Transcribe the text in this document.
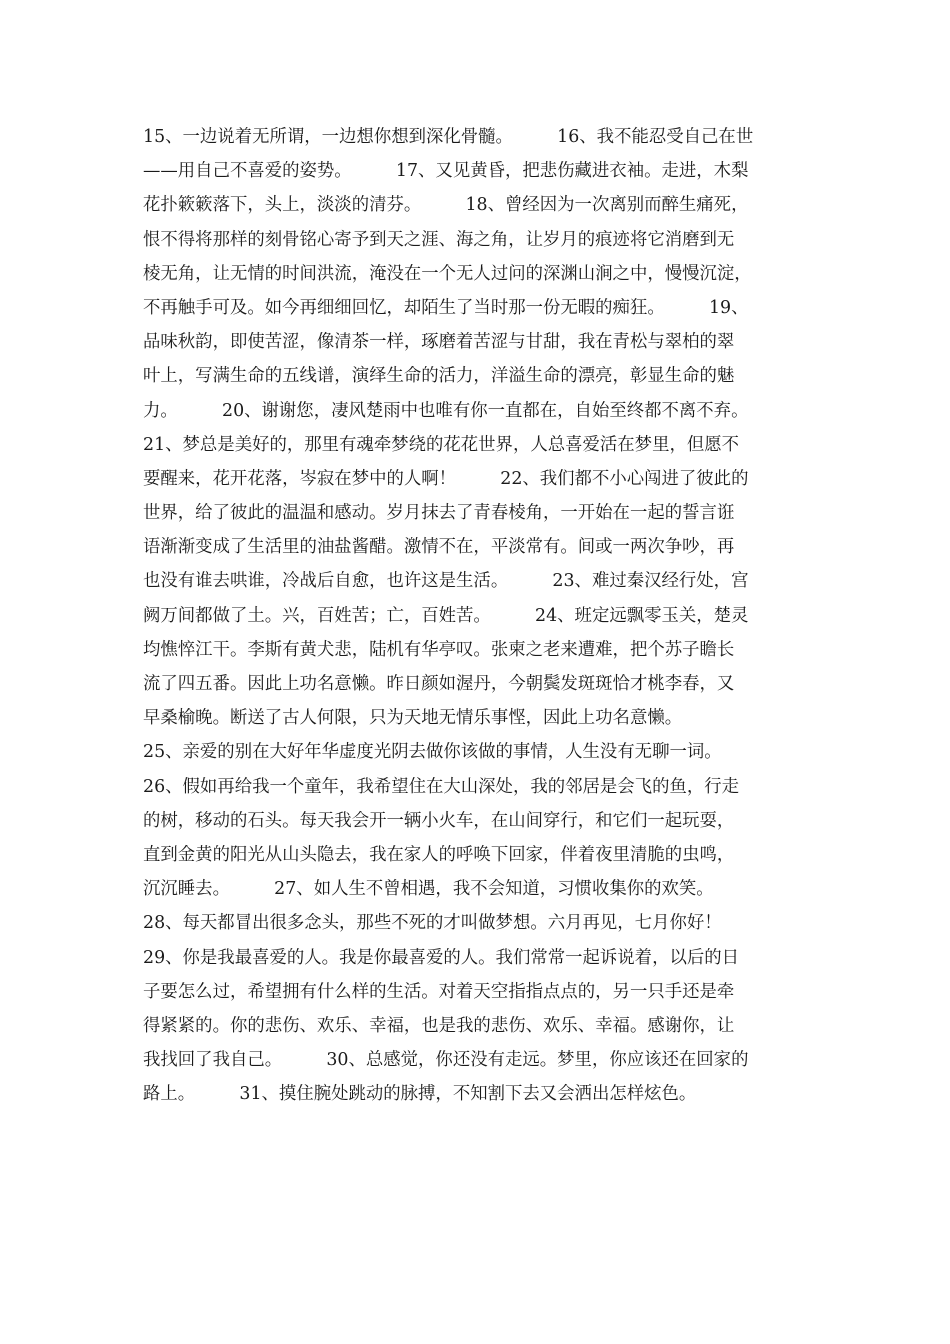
15、一边说着无所谓，一边想你想到深化骨髓。        16、我不能忍受自己在世
——用自己不喜爱的姿势。        17、又见黄昏，把悲伤藏进衣袖。走进，木梨
花扑簌簌落下，头上，淡淡的清芬。        18、曾经因为一次离别而醉生痛死，
恨不得将那样的刻骨铭心寄予到天之涯、海之角，让岁月的痕迹将它消磨到无
棱无角，让无情的时间洪流，淹没在一个无人过问的深渊山涧之中，慢慢沉淀，
不再触手可及。如今再细细回忆，却陌生了当时那一份无暇的痴狂。        19、
品味秋韵，即使苦涩，像清茶一样，琢磨着苦涩与甘甜，我在青松与翠柏的翠
叶上，写满生命的五线谱，演绎生命的活力，洋溢生命的漂亮，彰显生命的魅
力。        20、谢谢您，凄风楚雨中也唯有你一直都在，自始至终都不离不弃。
21、梦总是美好的，那里有魂牵梦绕的花花世界，人总喜爱活在梦里，但愿不
要醒来，花开花落，岑寂在梦中的人啊！        22、我们都不小心闯进了彼此的
世界，给了彼此的温温和感动。岁月抹去了青春棱角，一开始在一起的誓言诳
语渐渐变成了生活里的油盐酱醋。激情不在，平淡常有。间或一两次争吵，再
也没有谁去哄谁，冷战后自愈，也许这是生活。        23、难过秦汉经行处，宫
阙万间都做了土。兴，百姓苦；亡，百姓苦。        24、班定远飘零玉关，楚灵
均憔悴江干。李斯有黄犬悲，陆机有华亭叹。张柬之老来遭难，把个苏子瞻长
流了四五番。因此上功名意懒。昨日颜如渥丹，今朝鬓发斑斑恰才桃李春，又
早桑榆晚。断送了古人何限，只为天地无情乐事悭，因此上功名意懒。
25、亲爱的别在大好年华虚度光阴去做你该做的事情，人生没有无聊一词。
26、假如再给我一个童年，我希望住在大山深处，我的邻居是会飞的鱼，行走
的树，移动的石头。每天我会开一辆小火车，在山间穿行，和它们一起玩耍，
直到金黄的阳光从山头隐去，我在家人的呼唤下回家，伴着夜里清脆的虫鸣，
沉沉睡去。        27、如人生不曾相遇，我不会知道，习惯收集你的欢笑。
28、每天都冒出很多念头，那些不死的才叫做梦想。六月再见，七月你好！
29、你是我最喜爱的人。我是你最喜爱的人。我们常常一起诉说着，以后的日
子要怎么过，希望拥有什么样的生活。对着天空指指点点的，另一只手还是牵
得紧紧的。你的悲伤、欢乐、幸福，也是我的悲伤、欢乐、幸福。感谢你，让
我找回了我自己。        30、总感觉，你还没有走远。梦里，你应该还在回家的
路上。        31、摸住腕处跳动的脉搏，不知割下去又会洒出怎样炫色。
